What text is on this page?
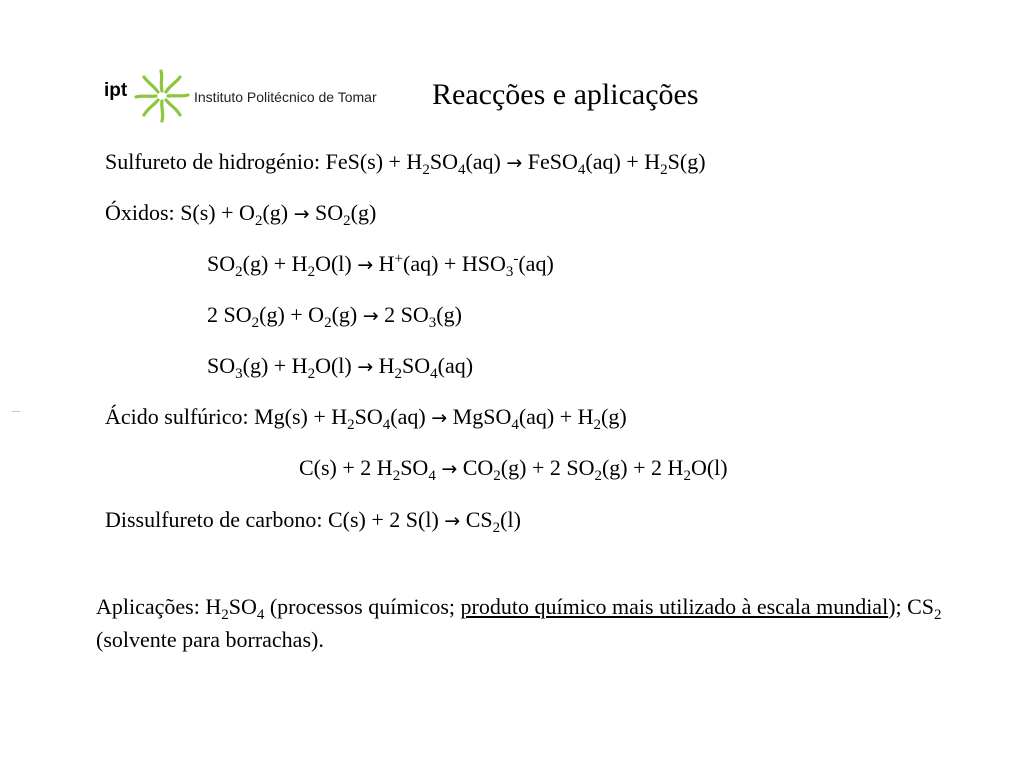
ipt	Instituto Politécnico de Tomar Reacções e aplicações
Sulfureto de hidrogénio: $FeS(s) + H_2SO_4(aq)$ → FeSO$_4$(aq) + $H_2S(g)$
Óxidos: $S(s) + O_2(g) \to SO_2(g)$
$SO_2(g) + H_2O(l) \to H^+(aq) + HSO_3^-(aq)$
2 $SO_2(g) + O_2(g) \to 2$ $SO_3(g)$
$SO_3(g) + H_2O(l) \to H_2SO_4(aq)$
Ácido sulfúrico: $Mg(s) + H_2SO_4(aq)$ → MgSO$_4$(aq) + $H_2(g)$
C(s) + 2 $H_2SO_4 \to CO_2(g) + 2$ $SO_2(g) + 2$ $H_2O(l)$
Dissulfureto de carbono: C(s) + 2 $S(l) \to CS_2(l)$
Aplicações: $H_2SO_4$ (processos químicos; produto químico mais utilizado à escala mundial); $CS_2$ (solvente para borrachas).
